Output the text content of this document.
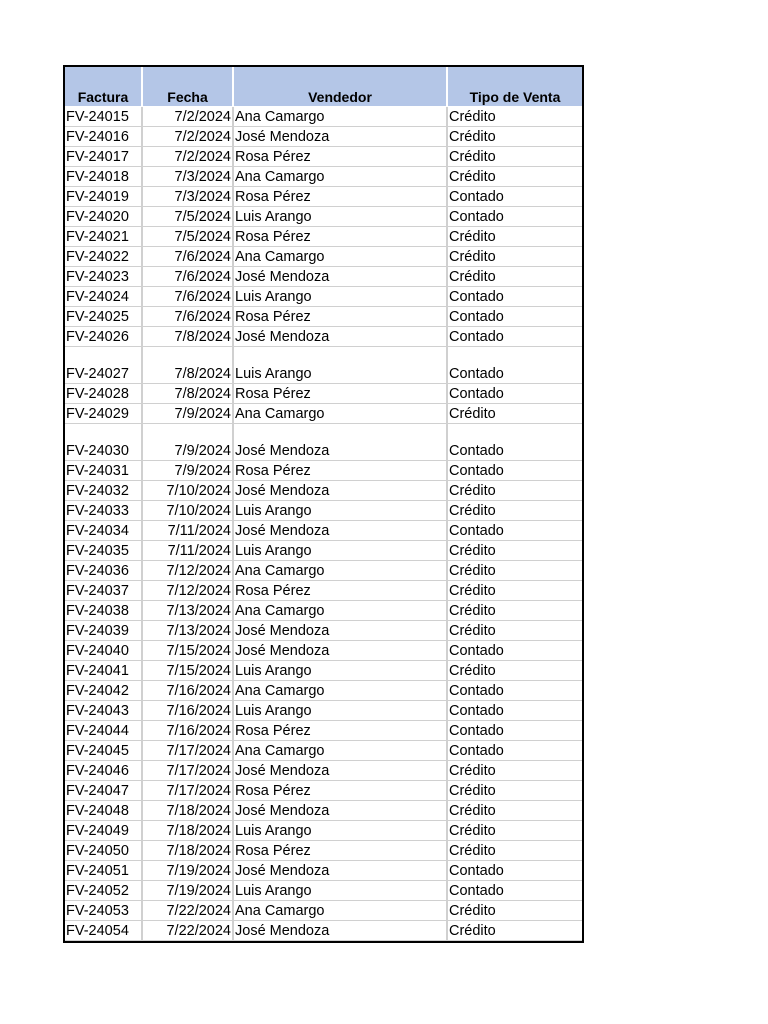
Factura	Fecha	Vendedor	Tipo de Venta
FV-24015	7/2/2024	Ana Camargo	Crédito
FV-24016	7/2/2024	José Mendoza	Crédito
FV-24017	7/2/2024	Rosa Pérez	Crédito
FV-24018	7/3/2024	Ana Camargo	Crédito
FV-24019	7/3/2024	Rosa Pérez	Contado
FV-24020	7/5/2024	Luis Arango	Contado
FV-24021	7/5/2024	Rosa Pérez	Crédito
FV-24022	7/6/2024	Ana Camargo	Crédito
FV-24023	7/6/2024	José Mendoza	Crédito
FV-24024	7/6/2024	Luis Arango	Contado
FV-24025	7/6/2024	Rosa Pérez	Contado
FV-24026	7/8/2024	José Mendoza	Contado
FV-24027	7/8/2024	Luis Arango	Contado
FV-24028	7/8/2024	Rosa Pérez	Contado
FV-24029	7/9/2024	Ana Camargo	Crédito
FV-24030	7/9/2024	José Mendoza	Contado
FV-24031	7/9/2024	Rosa Pérez	Contado
FV-24032	7/10/2024	José Mendoza	Crédito
FV-24033	7/10/2024	Luis Arango	Crédito
FV-24034	7/11/2024	José Mendoza	Contado
FV-24035	7/11/2024	Luis Arango	Crédito
FV-24036	7/12/2024	Ana Camargo	Crédito
FV-24037	7/12/2024	Rosa Pérez	Crédito
FV-24038	7/13/2024	Ana Camargo	Crédito
FV-24039	7/13/2024	José Mendoza	Crédito
FV-24040	7/15/2024	José Mendoza	Contado
FV-24041	7/15/2024	Luis Arango	Crédito
FV-24042	7/16/2024	Ana Camargo	Contado
FV-24043	7/16/2024	Luis Arango	Contado
FV-24044	7/16/2024	Rosa Pérez	Contado
FV-24045	7/17/2024	Ana Camargo	Contado
FV-24046	7/17/2024	José Mendoza	Crédito
FV-24047	7/17/2024	Rosa Pérez	Crédito
FV-24048	7/18/2024	José Mendoza	Crédito
FV-24049	7/18/2024	Luis Arango	Crédito
FV-24050	7/18/2024	Rosa Pérez	Crédito
FV-24051	7/19/2024	José Mendoza	Contado
FV-24052	7/19/2024	Luis Arango	Contado
FV-24053	7/22/2024	Ana Camargo	Crédito
FV-24054	7/22/2024	José Mendoza	Crédito
